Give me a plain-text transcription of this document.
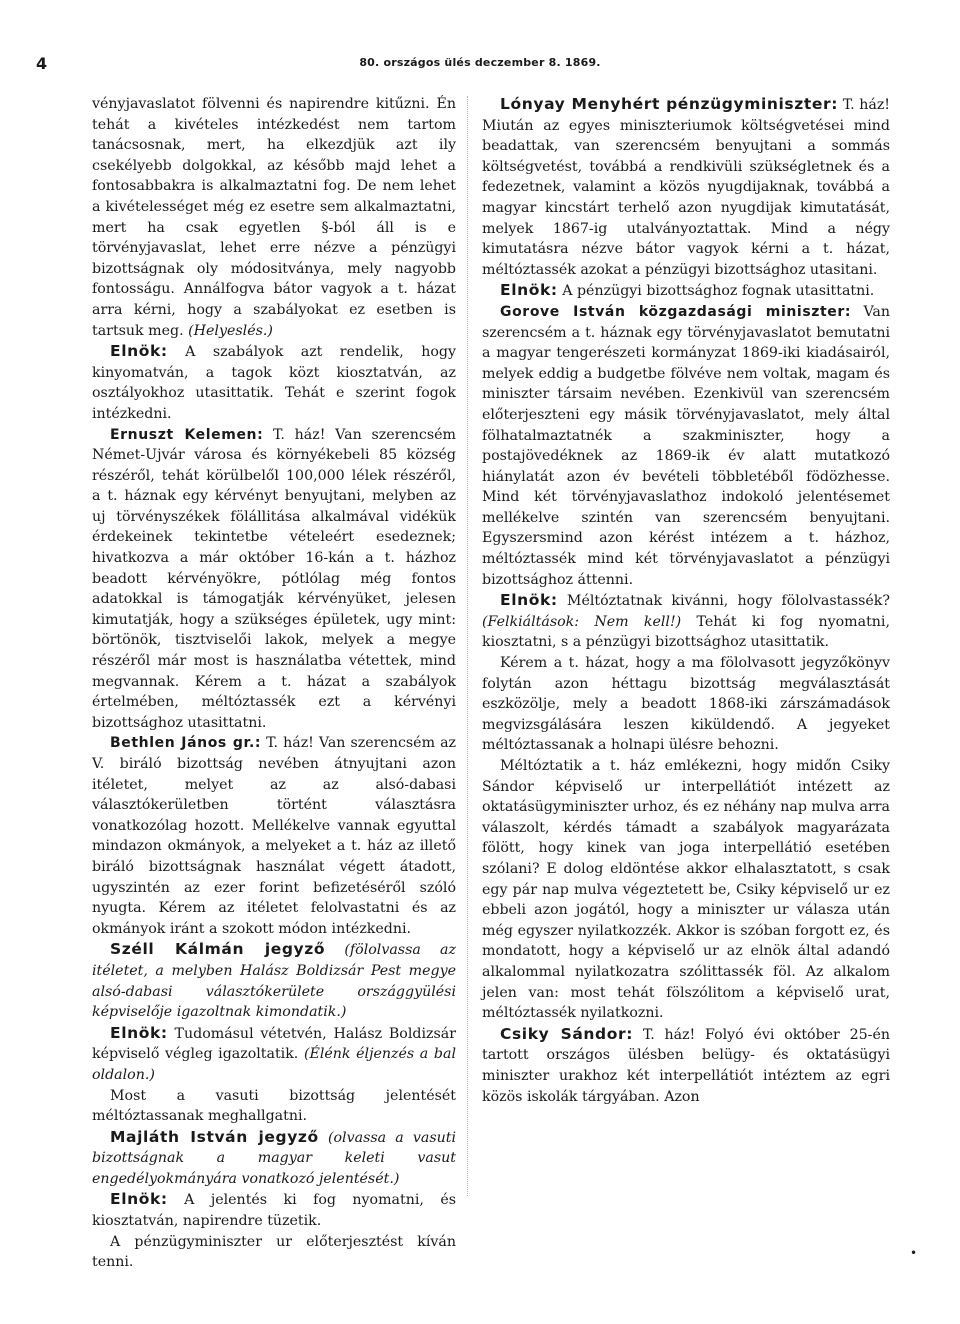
4	80. országos ülés deczember 8. 1869.

vényjavaslatot fölvenni és napirendre kitűzni. Én tehát a kivételes intézkedést nem tartom tanácsosnak, mert, ha elkezdjük azt ily csekélyebb dolgokkal, az később majd lehet a fontosabbakra is alkalmaztatni fog. De nem lehet a kivételességet még ez esetre sem alkalmaztatni, mert ha csak egyetlen §-ból áll is e törvényjavaslat, lehet erre nézve a pénzügyi bizottságnak oly módositványa, mely nagyobb fontosságu. Annálfogva bátor vagyok a t. házat arra kérni, hogy a szabályokat ez esetben is tartsuk meg. (Helyeslés.)

Elnök: A szabályok azt rendelik, hogy kinyomatván, a tagok közt kiosztatván, az osztályokhoz utasittatik. Tehát e szerint fogok intézkedni.

Ernuszt Kelemen: T. ház! Van szerencsém Német-Ujvár városa és környékebeli 85 község részéről, tehát körülbelől 100,000 lélek részéről, a t. háznak egy kérvényt benyujtani, melyben az uj törvényszékek fölállitása alkalmával vidékük érdekeinek tekintetbe vételeért esedeznek; hivatkozva a már október 16-kán a t. házhoz beadott kérvényökre, pótlólag még fontos adatokkal is támogatják kérvényüket, jelesen kimutatják, hogy a szükséges épületek, ugy mint: börtönök, tisztviselői lakok, melyek a megye részéről már most is használatba vétettek, mind megvannak. Kérem a t. házat a szabályok értelmében, méltóztassék ezt a kérvényi bizottsághoz utasittatni.

Bethlen János gr.: T. ház! Van szerencsém az V. biráló bizottság nevében átnyujtani azon itéletet, melyet az az alsó-dabasi választókerületben történt választásra vonatkozólag hozott. Mellékelve vannak egyuttal mindazon okmányok, a melyeket a t. ház az illető biráló bizottságnak használat végett átadott, ugyszintén az ezer forint befizetéséről szóló nyugta. Kérem az itéletet felolvastatni és az okmányok iránt a szokott módon intézkedni.

Széll Kálmán jegyző (fölolvassa az itéletet, a melyben Halász Boldizsár Pest megye alsó-dabasi választókerülete országgyülési képviselője igazoltnak kimondatik.)

Elnök: Tudomásul vétetvén, Halász Boldizsár képviselő végleg igazoltatik. (Élénk éljenzés a bal oldalon.)

Most a vasuti bizottság jelentését méltóztassanak meghallgatni.

Majláth István jegyző (olvassa a vasuti bizottságnak a magyar keleti vasut engedélyokmányára vonatkozó jelentését.)

Elnök: A jelentés ki fog nyomatni, és kiosztatván, napirendre tüzetik.

A pénzügyminiszter ur előterjesztést kíván tenni.

Lónyay Menyhért pénzügyminiszter: T. ház! Miután az egyes miniszteriumok költségvetései mind beadattak, van szerencsém benyujtani a sommás költségvetést, továbbá a rendkivüli szükségletnek és a fedezetnek, valamint a közös nyugdijaknak, továbbá a magyar kincstárt terhelő azon nyugdijak kimutatását, melyek 1867-ig utalványoztattak. Mind a négy kimutatásra nézve bátor vagyok kérni a t. házat, méltóztassék azokat a pénzügyi bizottsághoz utasitani.

Elnök: A pénzügyi bizottsághoz fognak utasittatni.

Gorove István közgazdasági miniszter: Van szerencsém a t. háznak egy törvényjavaslatot bemutatni a magyar tengerészeti kormányzat 1869-iki kiadásairól, melyek eddig a budgetbe fölvéve nem voltak, magam és miniszter társaim nevében. Ezenkivül van szerencsém előterjeszteni egy másik törvényjavaslatot, mely által fölhatalmaztatnék a szakminiszter, hogy a postajövedéknek az 1869-ik év alatt mutatkozó hiánylatát azon év bevételi többletéből födözhesse. Mind két törvényjavaslathoz indokoló jelentésemet mellékelve szintén van szerencsém benyujtani. Egyszersmind azon kérést intézem a t. házhoz, méltóztassék mind két törvényjavaslatot a pénzügyi bizottsághoz áttenni.

Elnök: Méltóztatnak kivánni, hogy fölolvastassék? (Felkiáltások: Nem kell!) Tehát ki fog nyomatni, kiosztatni, s a pénzügyi bizottsághoz utasittatik.

Kérem a t. házat, hogy a ma fölolvasott jegyzőkönyv folytán azon héttagu bizottság megválasztását eszközölje, mely a beadott 1868-iki zárszámadások megvizsgálására leszen kiküldendő. A jegyeket méltóztassanak a holnapi ülésre behozni.

Méltóztatik a t. ház emlékezni, hogy midőn Csiky Sándor képviselő ur interpellátiót intézett az oktatásügyminiszter urhoz, és ez néhány nap mulva arra válaszolt, kérdés támadt a szabályok magyarázata fölött, hogy kinek van joga interpellátió esetében szólani? E dolog eldöntése akkor elhalasztatott, s csak egy pár nap mulva végeztetett be, Csiky képviselő ur ez ebbeli azon jogától, hogy a miniszter ur válasza után még egyszer nyilatkozzék. Akkor is szóban forgott ez, és mondatott, hogy a képviselő ur az elnök által adandó alkalommal nyilatkozatra szólittassék föl. Az alkalom jelen van: most tehát fölszólitom a képviselő urat, méltóztassék nyilatkozni.

Csiky Sándor: T. ház! Folyó évi október 25-én tartott országos ülésben belügy- és oktatásügyi miniszter urakhoz két interpellátiót intéztem az egri közös iskolák tárgyában. Azon

•
